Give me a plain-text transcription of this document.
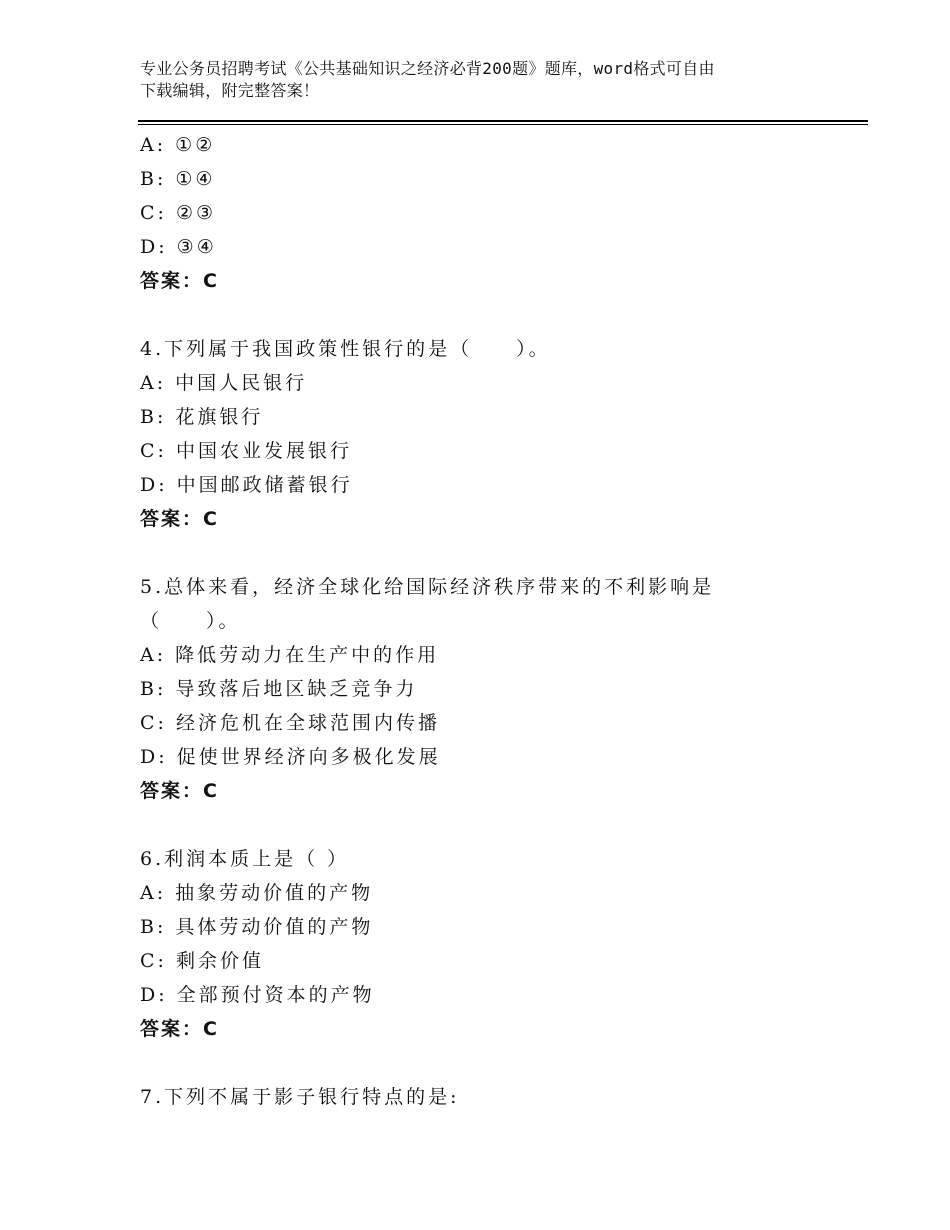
专业公务员招聘考试《公共基础知识之经济必背200题》题库，word格式可自由
下载编辑，附完整答案！
A: ①②
B: ①④
C: ②③
D: ③④
答案：C
4.下列属于我国政策性银行的是（　　）。
A: 中国人民银行
B: 花旗银行
C: 中国农业发展银行
D: 中国邮政储蓄银行
答案：C
5.总体来看，经济全球化给国际经济秩序带来的不利影响是
（　　）。
A: 降低劳动力在生产中的作用
B: 导致落后地区缺乏竞争力
C: 经济危机在全球范围内传播
D: 促使世界经济向多极化发展
答案：C
6.利润本质上是（ ）
A: 抽象劳动价值的产物
B: 具体劳动价值的产物
C: 剩余价值
D: 全部预付资本的产物
答案：C
7.下列不属于影子银行特点的是:
